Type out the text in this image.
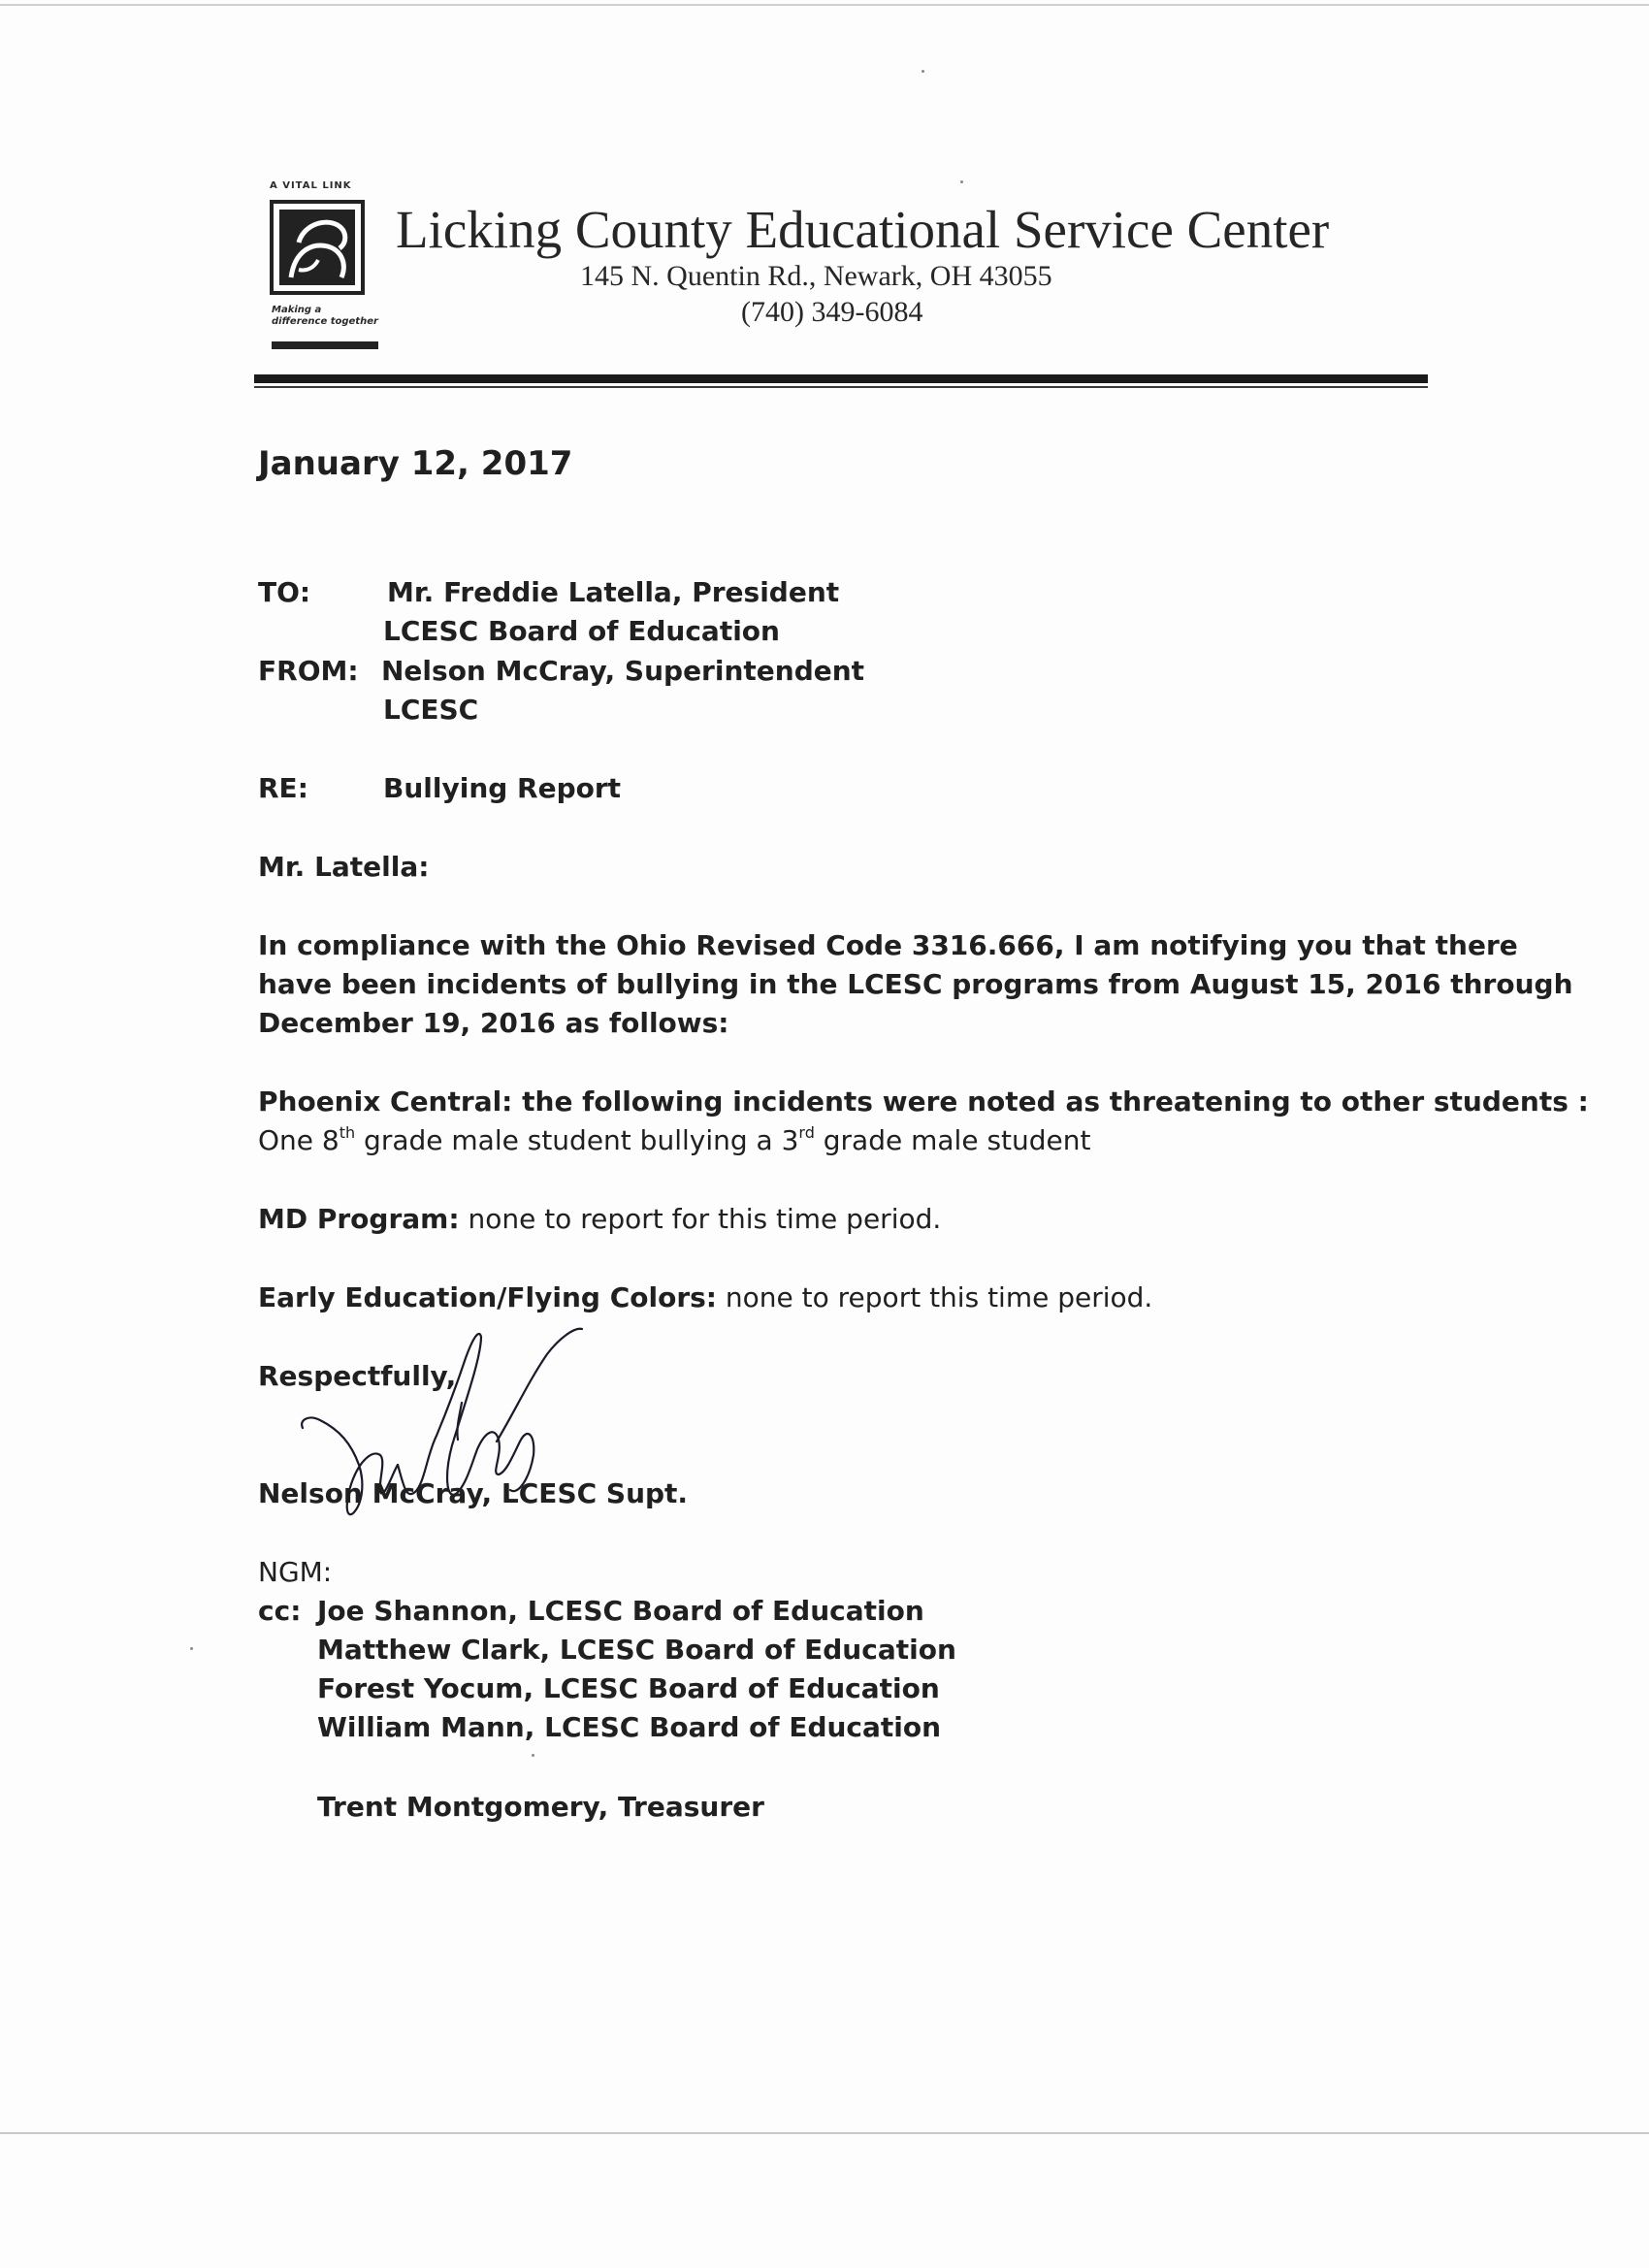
A VITAL LINK
Making a difference together
Licking County Educational Service Center
145 N. Quentin Rd., Newark, OH 43055
(740) 349-6084
January 12, 2017
TO:	Mr. Freddie Latella, President
LCESC Board of Education
FROM: Nelson McCray, Superintendent
LCESC
RE:	Bullying Report
Mr. Latella:
In compliance with the Ohio Revised Code 3316.666, I am notifying you that there
have been incidents of bullying in the LCESC programs from August 15, 2016 through
December 19, 2016 as follows:
Phoenix Central: the following incidents were noted as threatening to other students :
One 8th grade male student bullying a 3rd grade male student
MD Program: none to report for this time period.
Early Education/Flying Colors: none to report this time period.
Respectfully,
Nelson McCray, LCESC Supt.
NGM:
cc: Joe Shannon, LCESC Board of Education
Matthew Clark, LCESC Board of Education
Forest Yocum, LCESC Board of Education
William Mann, LCESC Board of Education
Trent Montgomery, Treasurer
